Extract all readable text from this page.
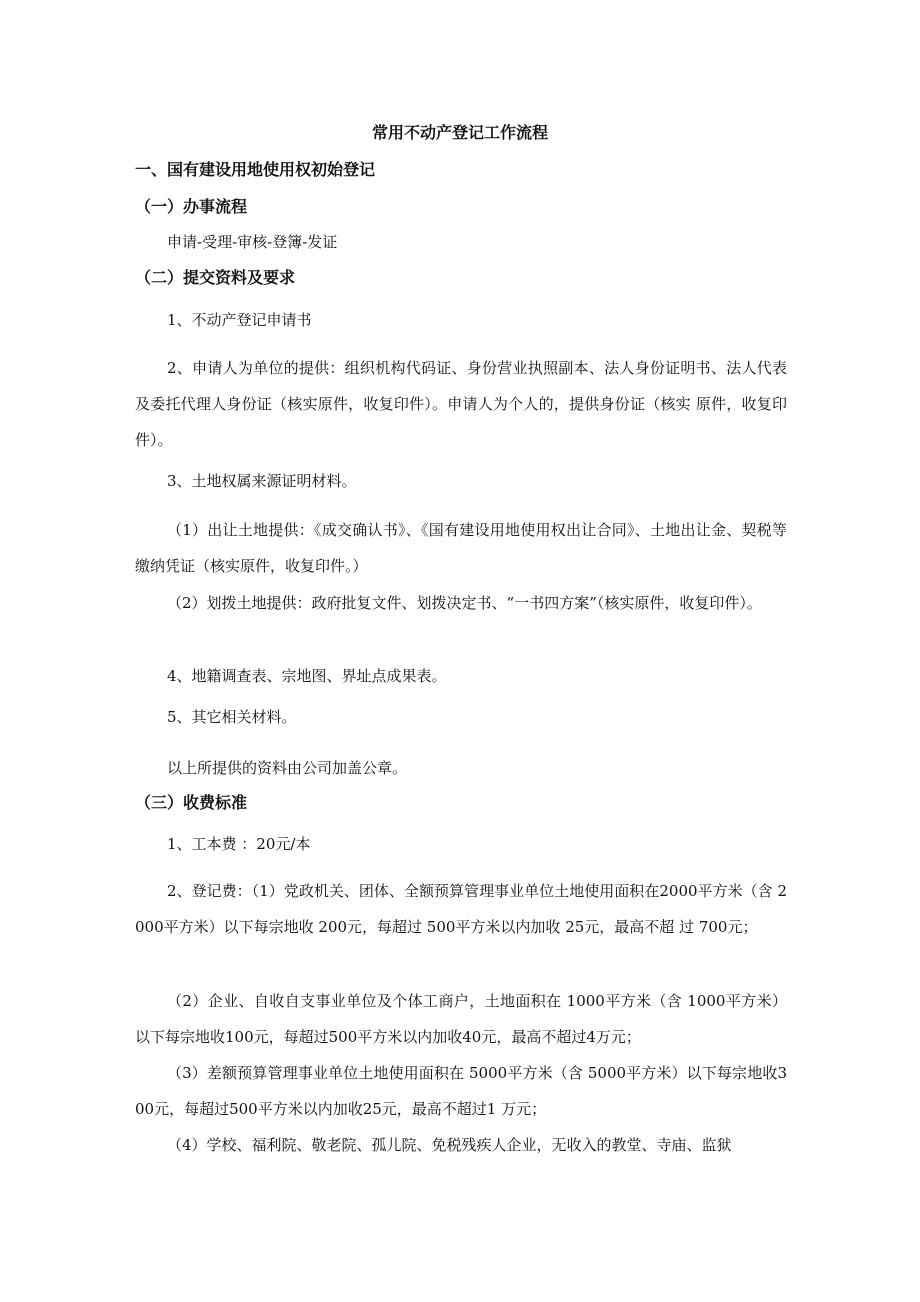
常用不动产登记工作流程
一、国有建设用地使用权初始登记
（一）办事流程
申请-受理-审核-登簿-发证
（二）提交资料及要求
1、不动产登记申请书
2、申请人为单位的提供：组织机构代码证、身份营业执照副本、法人身份证明书、法人代表及委托代理人身份证（核实原件，收复印件）。申请人为个人的，提供身份证（核实 原件，收复印件）。
3、土地权属来源证明材料。
（1）出让土地提供：《成交确认书》、《国有建设用地使用权出让合同》、土地出让金、契税等缴纳凭证（核实原件，收复印件。）
（2）划拨土地提供：政府批复文件、划拨决定书、“一书四方案”（核实原件，收复印件）。
4、地籍调查表、宗地图、界址点成果表。
5、其它相关材料。
以上所提供的资料由公司加盖公章。
（三）收费标准
1、工本费 ：20元/本
2、登记费：（1）党政机关、团体、全额预算管理事业单位土地使用面积在2000平方米（含 2000平方米）以下每宗地收 200元，每超过 500平方米以内加收 25元，最高不超 过 700元；
（2）企业、自收自支事业单位及个体工商户，土地面积在 1000平方米（含 1000平方米）以下每宗地收100元，每超过500平方米以内加收40元，最高不超过4万元；
（3）差额预算管理事业单位土地使用面积在 5000平方米（含 5000平方米）以下每宗地收300元，每超过500平方米以内加收25元，最高不超过1 万元；
（4）学校、福利院、敬老院、孤儿院、免税残疾人企业，无收入的教堂、寺庙、监狱
